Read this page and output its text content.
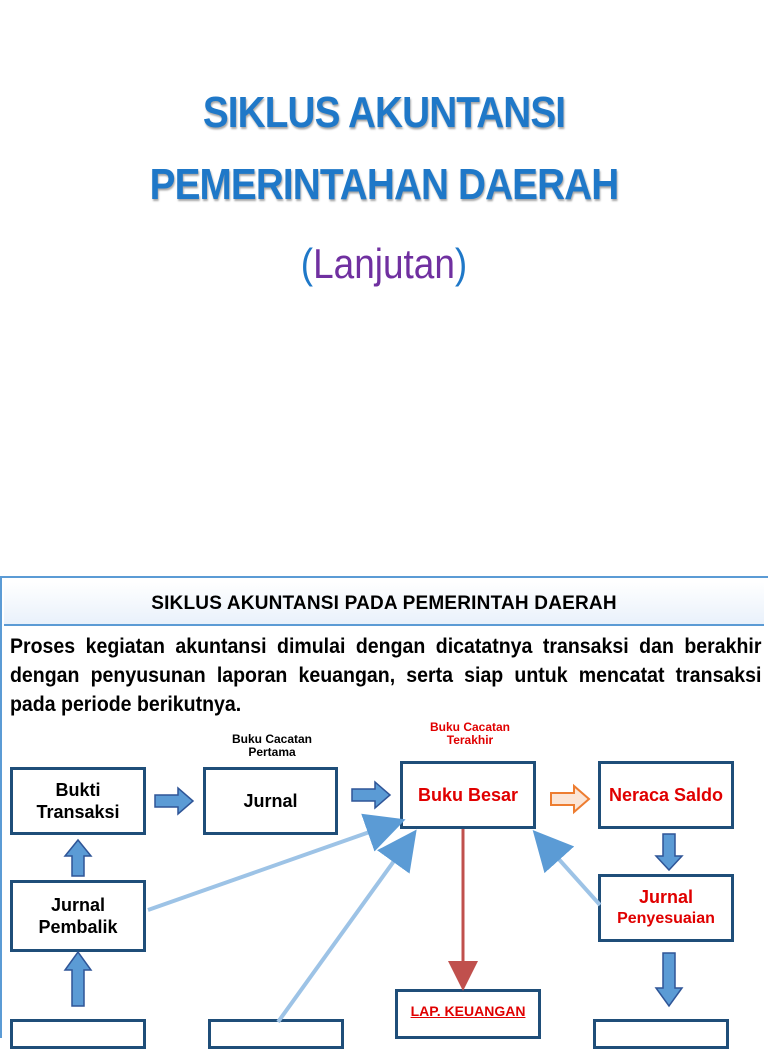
SIKLUS AKUNTANSI
PEMERINTAHAN DAERAH
(Lanjutan)
SIKLUS AKUNTANSI PADA PEMERINTAH DAERAH
Proses kegiatan akuntansi dimulai dengan dicatatnya transaksi dan berakhir dengan penyusunan laporan keuangan, serta siap untuk mencatat transaksi pada periode berikutnya.
Buku Cacatan Pertama
Buku Cacatan Terakhir
Bukti Transaksi
Jurnal	Buku Besar	Neraca Saldo
Jurnal Pembalik
Jurnal
Penyesuaian
LAP. KEUANGAN
